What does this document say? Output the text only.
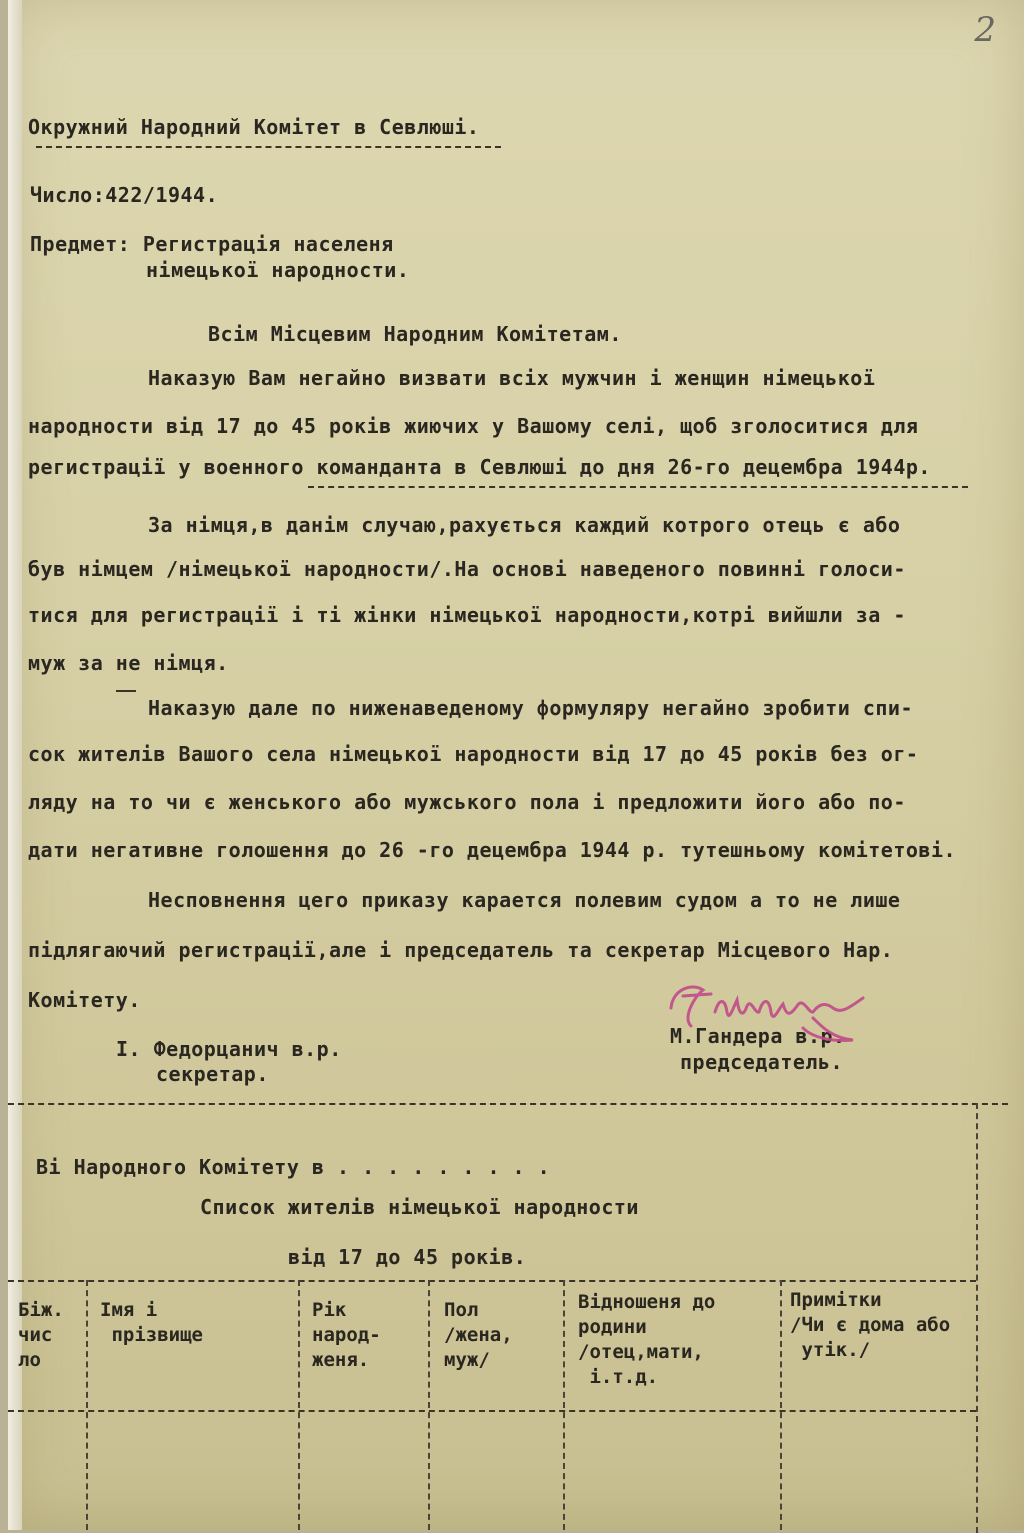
2
Окружний Народний Комітет в Севлюші.
Число:422/1944.
Предмет: Регистрація населеня
німецької народности.
Всім Місцевим Народним Комітетам.
Наказую Вам негайно визвати всіх мужчин і женщин німецької
народности від 17 до 45 років жиючих у Вашому селі, щоб зголоситися для
регистрації у военного команданта в Севлюші до дня 26-го децембра 1944р.
За німця,в данім случаю,рахується каждий котрого отець є або
був німцем /німецької народности/.На основі наведеного повинні голоси-
тися для регистрації і ті жінки німецької народности,котрі вийшли за -
муж за не німця.
Наказую дале по ниженаведеному формуляру негайно зробити спи-
сок жителів Вашого села німецької народности від 17 до 45 років без ог-
ляду на то чи є женського або мужського пола і предложити його або по-
дати негативне голошення до 26 -го децембра 1944 р. тутешньому комітетові.
Несповнення цего приказу карается полевим судом а то не лише
підлягаючий регистрації,але і председатель та секретар Місцевого Нар.
Комітету.
І. Федорцанич в.р.
секретар.
М.Гандера в.р.
председатель.
Ві Народного Комітету в . . . . . . . . .
Список жителів німецької народности
від 17 до 45 років.
Біж.
чис
ло
Імя і
прізвище
Рік
народ-
женя.
Пол
/жена,
муж/
Відношеня до
родини
/отец,мати,
і.т.д.
Примітки
/Чи є дома або
утік./
